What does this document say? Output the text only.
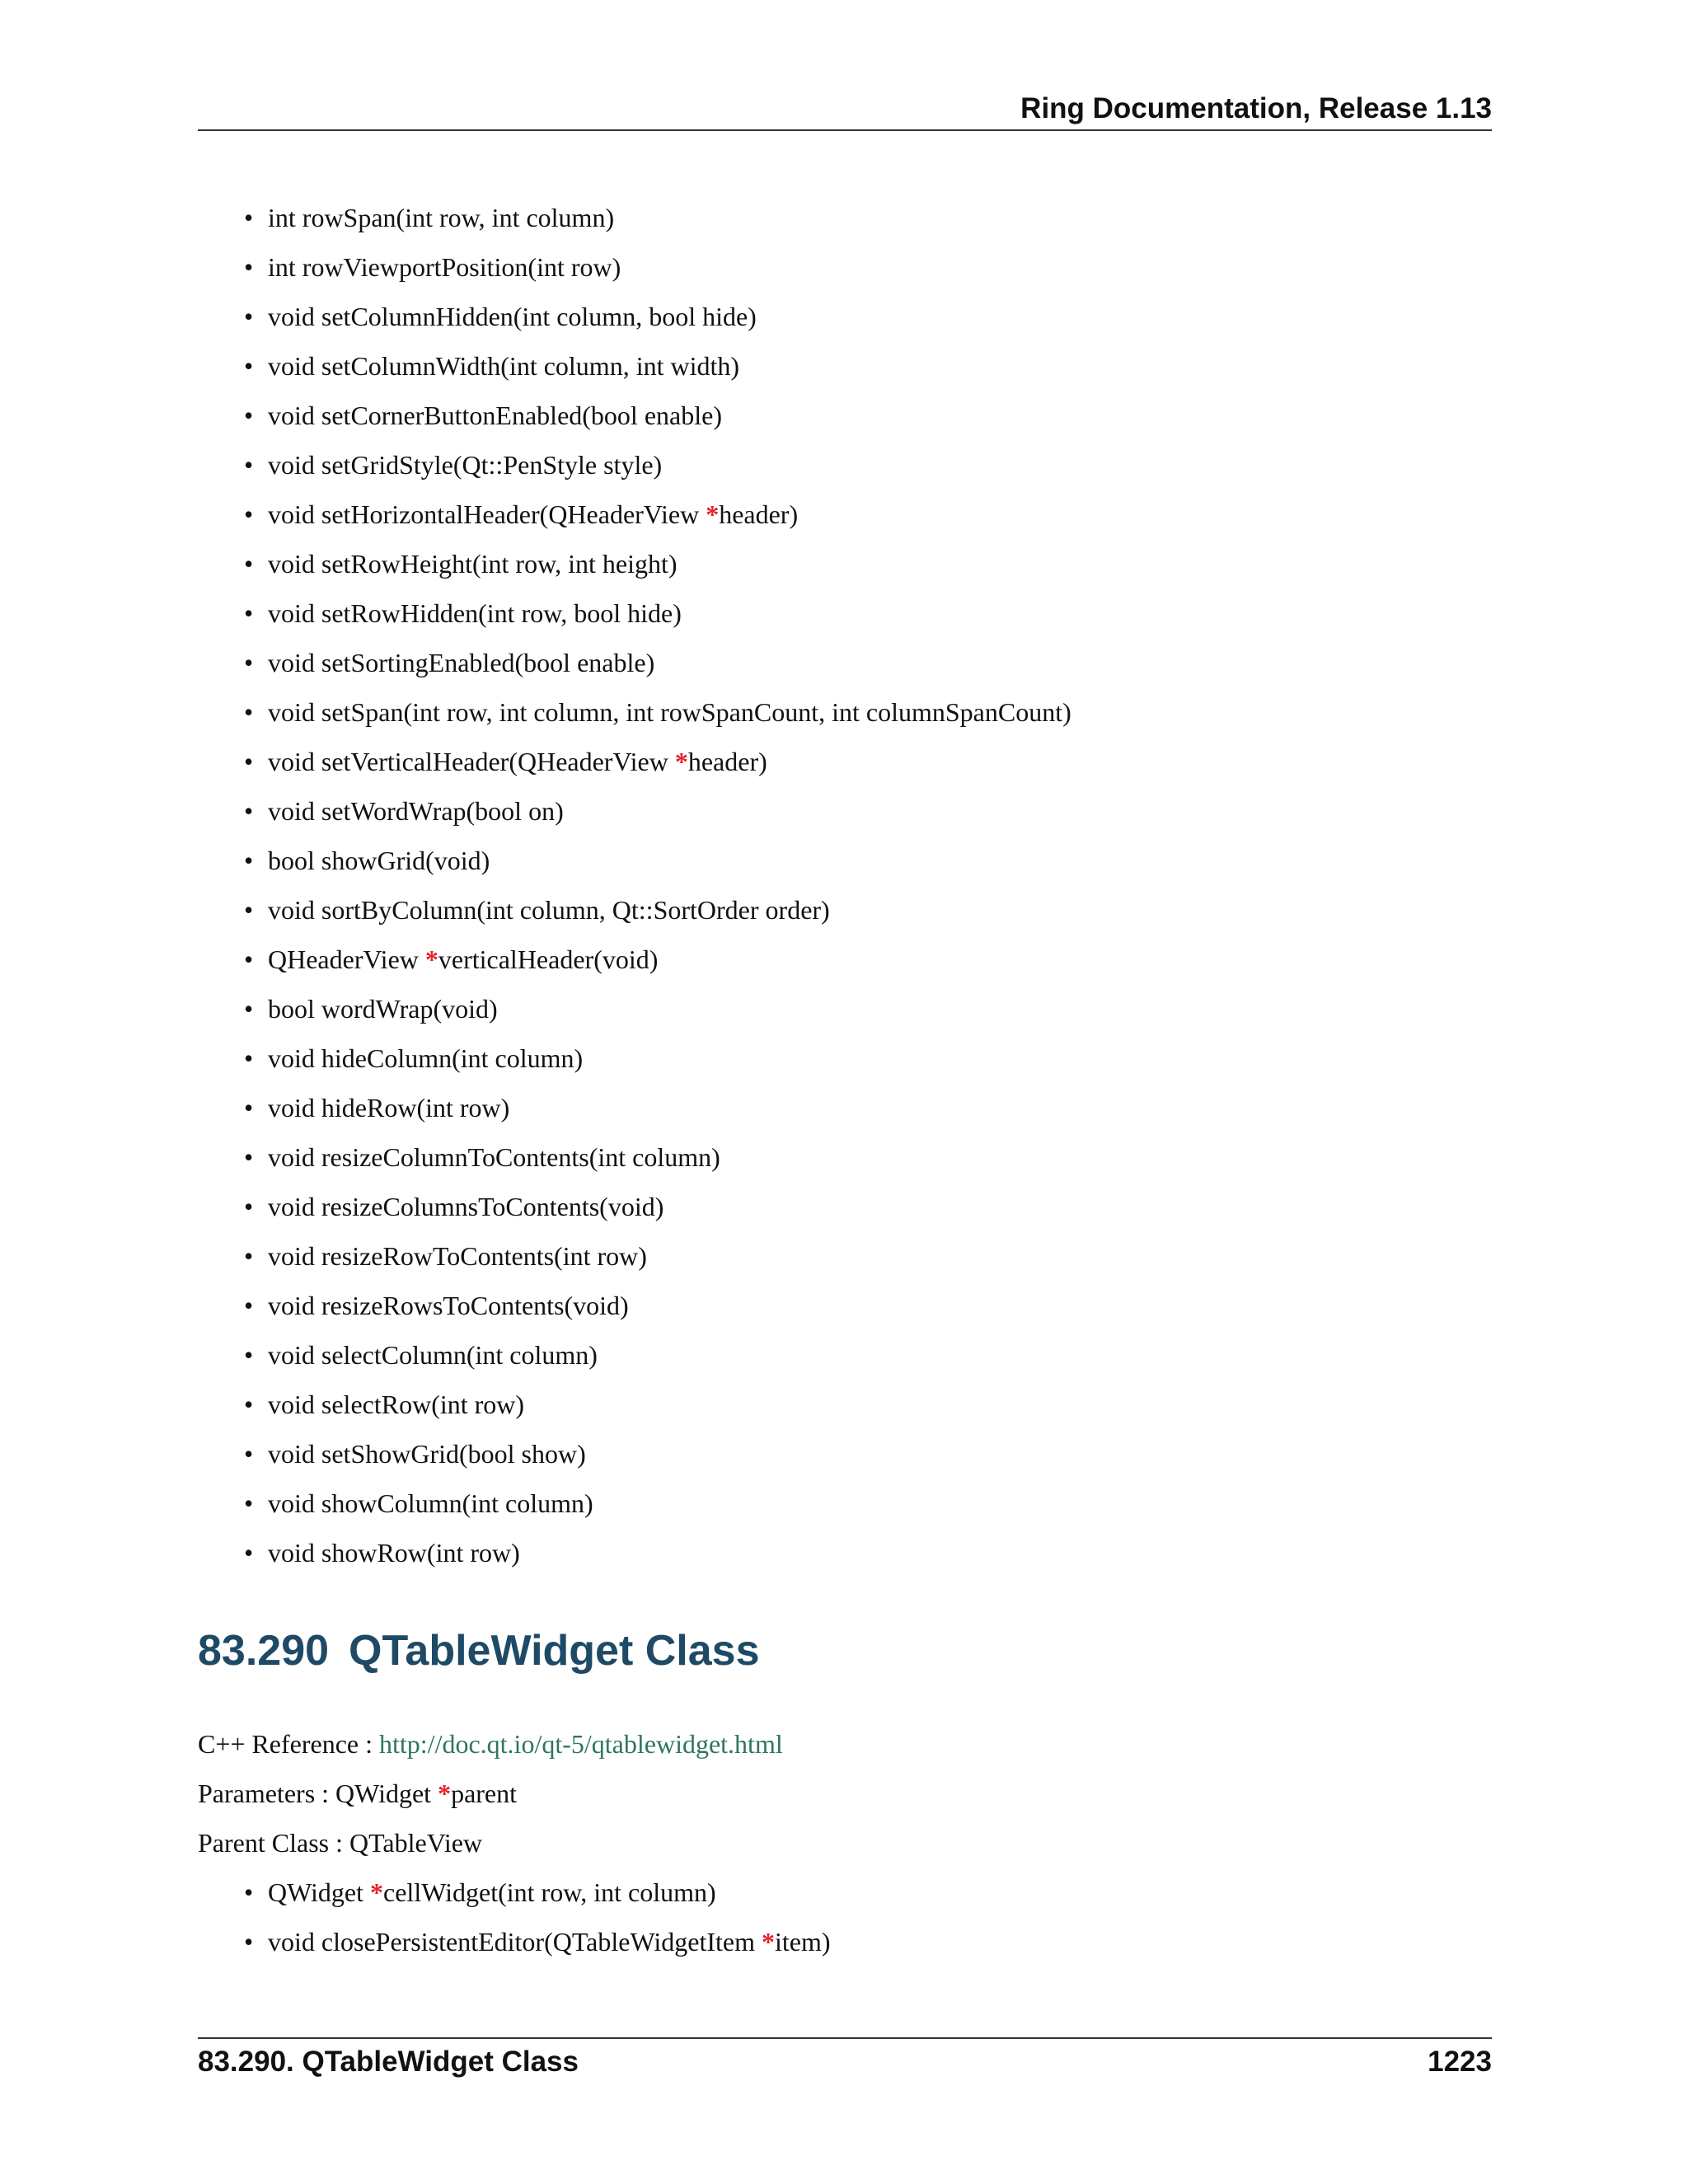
Ring Documentation, Release 1.13
• int rowSpan(int row, int column)
• int rowViewportPosition(int row)
• void setColumnHidden(int column, bool hide)
• void setColumnWidth(int column, int width)
• void setCornerButtonEnabled(bool enable)
• void setGridStyle(Qt::PenStyle style)
• void setHorizontalHeader(QHeaderView *header)
• void setRowHeight(int row, int height)
• void setRowHidden(int row, bool hide)
• void setSortingEnabled(bool enable)
• void setSpan(int row, int column, int rowSpanCount, int columnSpanCount)
• void setVerticalHeader(QHeaderView *header)
• void setWordWrap(bool on)
• bool showGrid(void)
• void sortByColumn(int column, Qt::SortOrder order)
• QHeaderView *verticalHeader(void)
• bool wordWrap(void)
• void hideColumn(int column)
• void hideRow(int row)
• void resizeColumnToContents(int column)
• void resizeColumnsToContents(void)
• void resizeRowToContents(int row)
• void resizeRowsToContents(void)
• void selectColumn(int column)
• void selectRow(int row)
• void setShowGrid(bool show)
• void showColumn(int column)
• void showRow(int row)
83.290 QTableWidget Class
C++ Reference : http://doc.qt.io/qt-5/qtablewidget.html
Parameters : QWidget *parent
Parent Class : QTableView
• QWidget *cellWidget(int row, int column)
• void closePersistentEditor(QTableWidgetItem *item)
83.290. QTableWidget Class	1223
